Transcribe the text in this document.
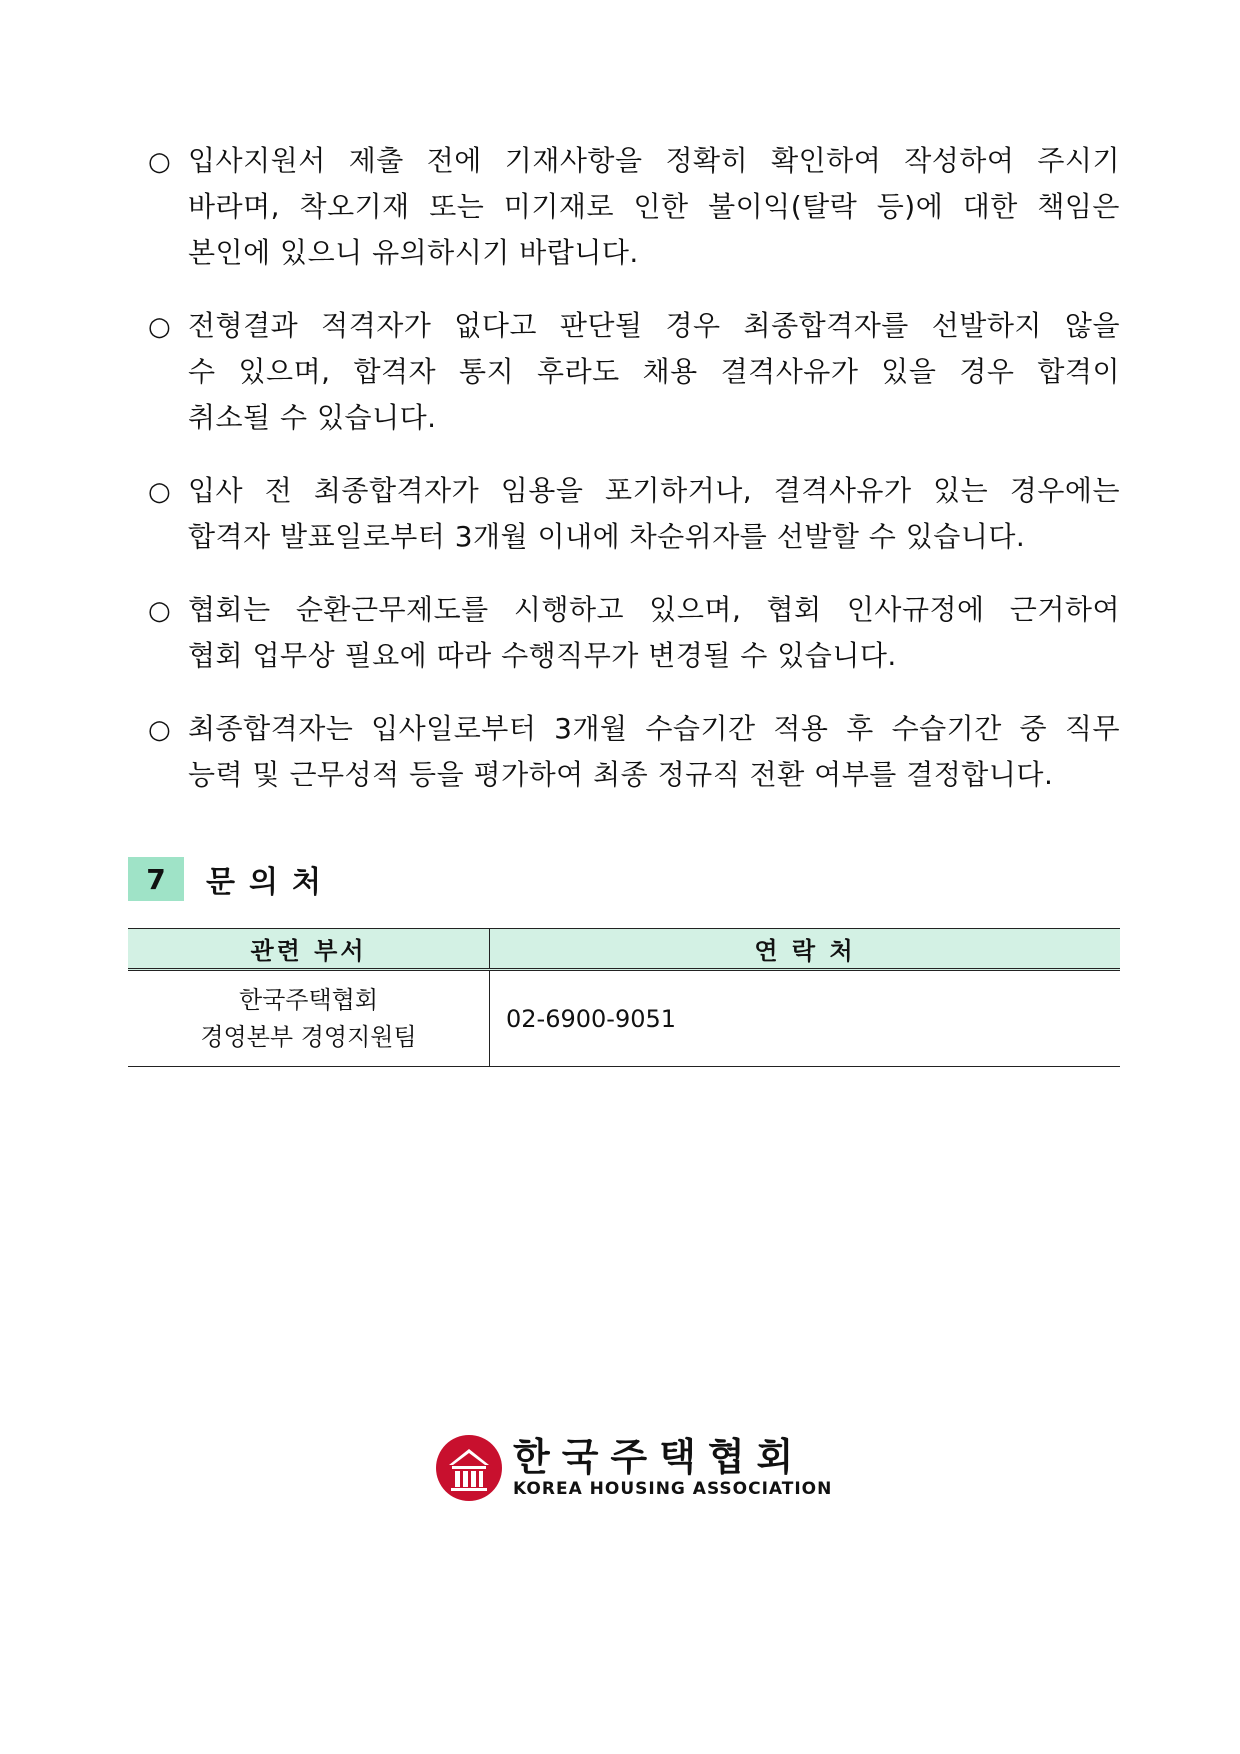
○ 입사지원서 제출 전에 기재사항을 정확히 확인하여 작성하여 주시기
바라며, 착오기재 또는 미기재로 인한 불이익(탈락 등)에 대한 책임은
본인에 있으니 유의하시기 바랍니다.
○ 전형결과 적격자가 없다고 판단될 경우 최종합격자를 선발하지 않을
수 있으며, 합격자 통지 후라도 채용 결격사유가 있을 경우 합격이
취소될 수 있습니다.
○ 입사 전 최종합격자가 임용을 포기하거나, 결격사유가 있는 경우에는
합격자 발표일로부터 3개월 이내에 차순위자를 선발할 수 있습니다.
○ 협회는 순환근무제도를 시행하고 있으며, 협회 인사규정에 근거하여
협회 업무상 필요에 따라 수행직무가 변경될 수 있습니다.
○ 최종합격자는 입사일로부터 3개월 수습기간 적용 후 수습기간 중 직무
능력 및 근무성적 등을 평가하여 최종 정규직 전환 여부를 결정합니다.
7	문의처
관련 부서	연 락 처

한국주택협회
경영본부 경영지원팀	02-6900-9051
한국주택협회
KOREA HOUSING ASSOCIATION
